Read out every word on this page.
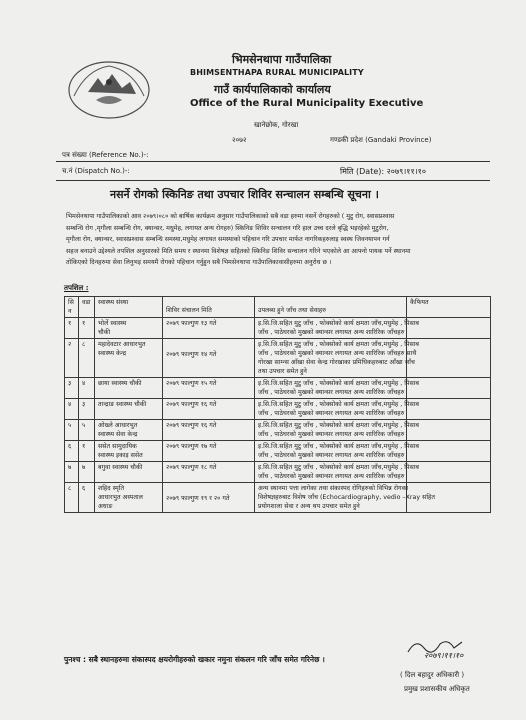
भिमसेनथापा गाउँपालिका
BHIMSENTHAPA RURAL MUNICIPALITY
गाउँ कार्यपालिकाको कार्यालय
Office of the Rural Municipality Executive
खानेछोक, गोरखा
२०७२	गण्डकी प्रदेश (Gandaki Province)
पत्र संख्या (Reference No.)-:
च.नं (Dispatch No.)-:	मिति (Date): २०७९।११।१०
नसर्ने रोगको स्किनिङ तथा उपचार शिविर सन्चालन सम्बन्धि सूचना ।
भिमसेनथापा गाउँपालिकाको आव २०७९।०८० को बार्षिक कार्यक्रम अनुसार गाउँपालिकाको सबै वडा हरुमा नसर्ने रोगहरुको ( मुटु रोग, स्वासप्रश्वास
सम्बन्धि रोग ,मृगौला सम्बन्धि रोग, क्यान्सर, मधुमेह, लगायत अन्य रोगहरु) स्किनिङ शिविर सन्चालन गरि हाल उच्च दरले बृद्धि भइरहेको मुटुरोग,
मृगौला रोग, क्यान्सर, स्वासप्रश्वास सम्बन्धि समस्या,मधुमेह लगायत समस्याको पहिचान गरि उपचार मार्फत नागरिकहरुलाइ स्वस्थ जिवनयापन गर्न
सहज बनाउने उद्देश्यले तपशिल अनुसारको मिति समय र स्थानमा विशेषज्ञ सहितको स्किनिङ शिविर सन्चालन गरिने भएकोले आ आफ्नो पायक पर्ने स्थानमा
तोकिएको दिनहरुमा सेवा लिनुभइ समयमै रोगको पहिचान गर्नुहुन सबै भिमसेनथापा गाउँपालिकावासीहरुमा अनुरोध छ ।
तपशिल :
सि न	वडा	स्वास्थ्य संस्था	शिविर संचालन मिति	उपलब्ध हुने जाँच तथा सेवाहरु	कैफियत
१	१	भोर्ले स्वास्थ्य
चौकी	२०७९ फाल्गुण १३ गते	इ.सि.जि.सहित मुटु जाँच , फोक्सोको कार्य क्षमता जाँच,मधुमेह , पिसाब
जाँच , पाठेघरको मुखको क्यान्सर लगायत अन्य शारिरिक जाँचहरु	

२	८	महादेवटार आधारभुत
स्वास्थ्य केन्द्र	२०७९ फाल्गुण १४ गते	इ.सि.जि.सहित मुटु जाँच , फोक्सोको कार्य क्षमता जाँच,मधुमेह , पिसाब
जाँच , पाठेघरको मुखको क्यान्सर लगायत अन्य शारिरिक जाँचहरु साथै
गोरखा साम्न्स आँखा सेवा केन्द्र गोरखाका प्रमिधिकहरुबाट आँखा जाँच
तथा उपचार समेत हुने	

३	४	छाया स्वास्थ्य चौकी	२०७९ फाल्गुण १५ गते	इ.सि.जि.सहित मुटु जाँच , फोक्सोको कार्य क्षमता जाँच,मधुमेह , पिसाब
जाँच , पाठेघरको मुखको क्यान्सर लगायत अन्य शारिरिक जाँचहरु	

४	३	तान्द्राङ स्वास्थ्य चौकी	२०७९ फाल्गुण १६ गते	इ.सि.जि.सहित मुटु जाँच , फोक्सोको कार्य क्षमता जाँच,मधुमेह , पिसाब
जाँच , पाठेघरको मुखको क्यान्सर लगायत अन्य शारिरिक जाँचहरु	

५	५	ओख्ले आधारभुत
स्वास्थ्य सेवा केन्द्र	२०७९ फाल्गुण १६ गते	इ.सि.जि.सहित मुटु जाँच , फोक्सोको कार्य क्षमता जाँच,मधुमेह , पिसाब
जाँच , पाठेघरको मुखको क्यान्सर लगायत अन्य शारिरिक जाँचहरु	

६	१	ससेत सामुदायिक
स्वास्थ्य इकाइ ससेत	२०७९ फाल्गुण १७ गते	इ.सि.जि.सहित मुटु जाँच , फोक्सोको कार्य क्षमता जाँच,मधुमेह , पिसाब
जाँच , पाठेघरको मुखको क्यान्सर लगायत अन्य शारिरिक जाँचहरु	

७	७	बगुवा स्वास्थ्य चौकी	२०७९ फाल्गुण १८ गते	इ.सि.जि.सहित मुटु जाँच , फोक्सोको कार्य क्षमता जाँच,मधुमेह , पिसाब
जाँच , पाठेघरको मुखको क्यान्सर लगायत अन्य शारिरिक जाँचहरु	

८	६	शहिद स्मृति
आधारभुत अस्पताल
अधाङ	२०७९ फाल्गुण १९ र २० गते	अन्य स्थानमा पत्ता लागेका तथा संकास्पद रोगिहरुको विभिन्न रोगका
विशेषज्ञहरुबाट विशेष जाँच (Echocardiography, vedio –Xray सहित
प्रयोगशाला सेवा र अन्य थप उपचार समेत हुने	

पुनश्च : सबै स्थानहरुमा संकास्पद क्षयरोगीहरुको खकार नमुना संकलन गरि जाँच समेत गरिनेछ ।	२०७९।११।१०
( दिल बहादुर अधिकारी )
प्रमुख प्रशासकीय अधिकृत
